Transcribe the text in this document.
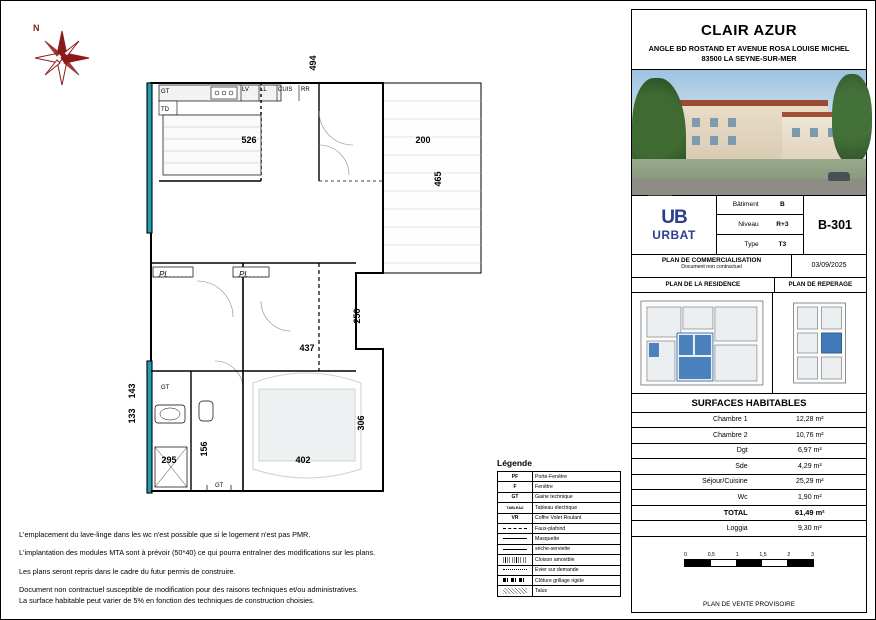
N
526	200
494
465
437
250
306
402
295
156
143
133
GT
TD
LV LL CUIS RR
GT
GT
Pl.	Pl.

L'emplacement du lave-linge dans les wc n'est possible que si le logement n'est pas PMR.

L'implantation des modules MTA sont à prévoir (50*40) ce qui pourra entraîner des modifications sur les plans.

Les plans seront repris dans le cadre du futur permis de construire.

Document non contractuel susceptible de modification pour des raisons techniques et/ou administratives.

La surface habitable peut varier de 5% en fonction des techniques de construction choisies.

Légende
PF	Porte-Fenêtre
F	Fenêtre
GT	Gaine technique
TABLEAU	Tableau électrique
VR	Coffre Volet Roulant
	Faux-plafond
	Masquette
	sèche-serviette
	Cloison amovible
	Evier sur demande
	Clôture grillage rigide
	Talus
CLAIR AZUR
ANGLE BD ROSTAND ET AVENUE ROSA LOUISE MICHEL
83500 LA SEYNE-SUR-MER
UB
URBAT
Bâtiment	B
Niveau	R+3
Type	T3
B-301
PLAN DE COMMERCIALISATION
Document non contractuel	03/09/2025
PLAN DE LA RESIDENCE	PLAN DE REPERAGE
SURFACES HABITABLES
Chambre 1	12,28 m²
Chambre 2	10,76 m²
Dgt	6,97 m²
Sde	4,29 m²
Séjour/Cuisine	25,29 m²
Wc	1,90 m²
TOTAL	61,49 m²
Loggia	9,30 m²
0	0,5	1	1,5	2	3
PLAN DE VENTE PROVISOIRE
